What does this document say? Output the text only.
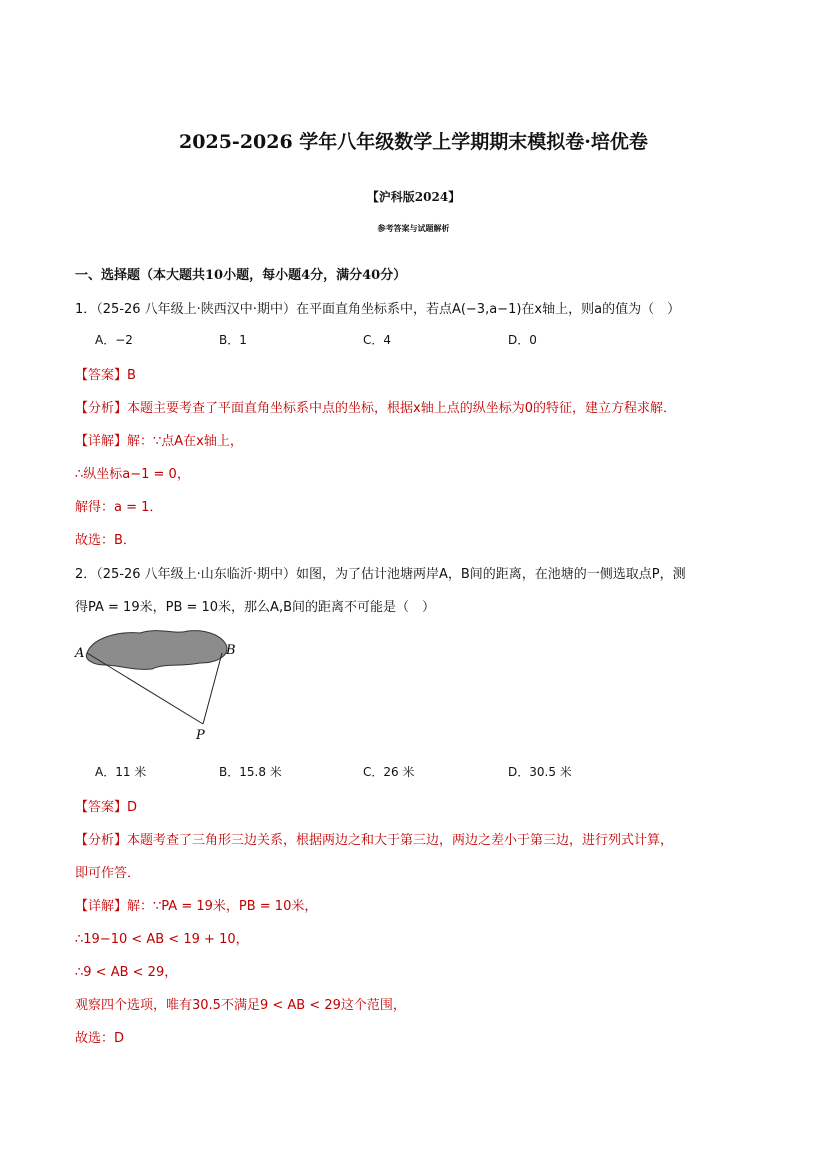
2025-2026 学年八年级数学上学期期末模拟卷·培优卷
【沪科版2024】
参考答案与试题解析
一、选择题（本大题共10小题，每小题4分，满分40分）
1．（25-26 八年级上·陕西汉中·期中）在平面直角坐标系中，若点A(−3,a−1)在x轴上，则a的值为（　）
A．−2	B．1	C．4	D．0
【答案】B
【分析】本题主要考查了平面直角坐标系中点的坐标，根据x轴上点的纵坐标为0的特征，建立方程求解．
【详解】解：∵点A在x轴上，
∴纵坐标a−1 = 0，
解得：a = 1．
故选：B．
2．（25-26 八年级上·山东临沂·期中）如图，为了估计池塘两岸A，B间的距离，在池塘的一侧选取点P，测
得PA = 19米，PB = 10米，那么A,B间的距离不可能是（　）
A	B
P
A．11 米	B．15.8 米	C．26 米	D．30.5 米
【答案】D
【分析】本题考查了三角形三边关系，根据两边之和大于第三边，两边之差小于第三边，进行列式计算，
即可作答．
【详解】解：∵PA = 19米，PB = 10米，
∴19−10 < AB < 19 + 10，
∴9 < AB < 29，
观察四个选项，唯有30.5不满足9 < AB < 29这个范围，
故选：D
